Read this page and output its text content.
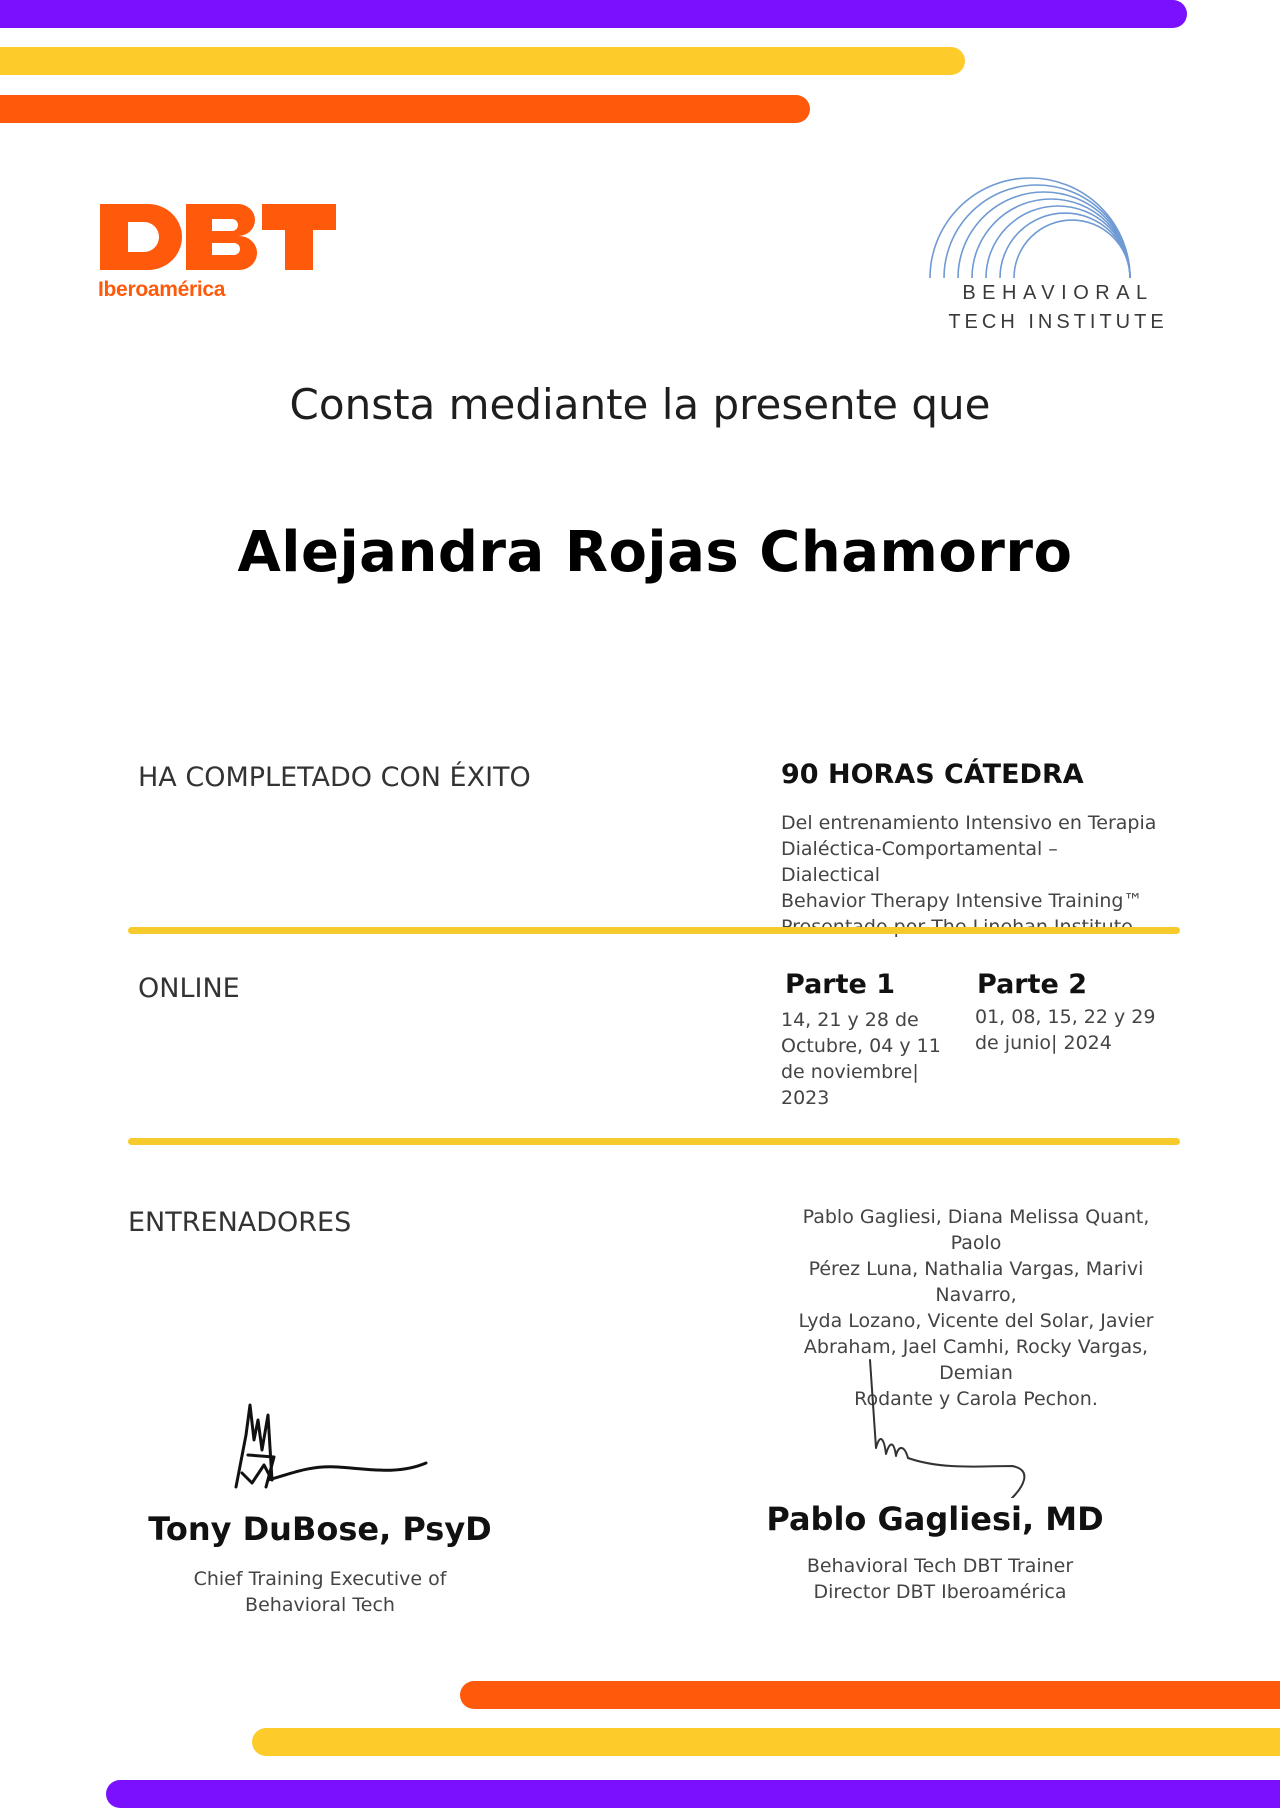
Iberoamérica	BEHAVIORAL
TECH INSTITUTE
Consta mediante la presente que
Alejandra Rojas Chamorro
HA COMPLETADO CON ÉXITO	90 HORAS CÁTEDRA
Del entrenamiento Intensivo en Terapia
Dialéctica-Comportamental – Dialectical
Behavior Therapy Intensive Training™
ONLINE	Parte 1
14, 21 y 28 de
Octubre, 04 y 11
de noviembre|
2023
Parte 2
01, 08, 15, 22 y 29
de junio| 2024
ENTRENADORES	Pablo Gagliesi, Diana Melissa Quant, Paolo
Pérez Luna, Nathalia Vargas, Marivi Navarro,
Lyda Lozano, Vicente del Solar, Javier
Abraham, Jael Camhi, Rocky Vargas, Demian
Rodante y Carola Pechon.
Tony DuBose, PsyD
Chief Training Executive of
Behavioral Tech
Pablo Gagliesi, MD
Behavioral Tech DBT Trainer
Director DBT Iberoamérica
